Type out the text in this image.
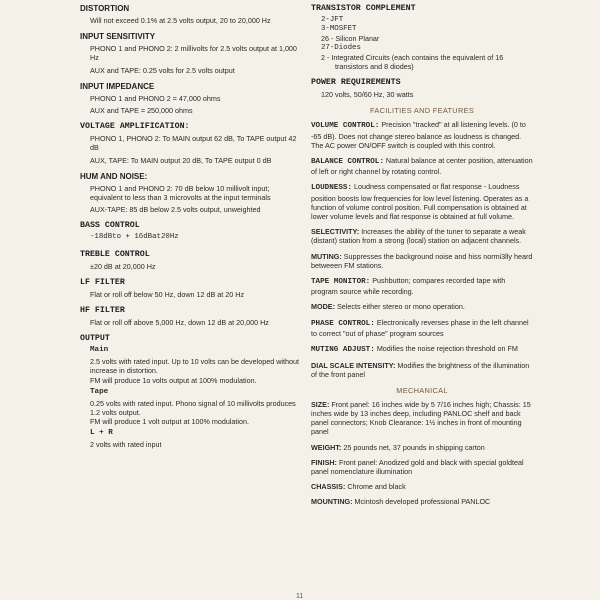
DISTORTION
Will not exceed 0.1% at 2.5 volts output, 20 to 20,000 Hz
INPUT SENSITIVITY
PHONO 1 and PHONO 2: 2 millivolts for 2.5 volts output at 1,000 Hz
AUX and TAPE: 0.25 volts for 2.5 volts output
INPUT IMPEDANCE
PHONO 1 and PHONO 2 = 47,000 ohms
AUX and TAPE = 250,000 ohms
VOLTAGE AMPLIFICATION:
PHONO 1, PHONO 2: To MAIN output 62 dB, To TAPE output 42 dB
AUX, TAPE: To MAIN output 20 dB, To TAPE output 0 dB
HUM AND NOISE:
PHONO 1 and PHONO 2: 70 dB below 10 millivolt input; equivalent to less than 3 microvolts at the input terminals
AUX-TAPE: 85 dB below 2.5 volts output, unweighted
BASS CONTROL
-18dBto + 16dBat20Hz
TREBLE CONTROL
±20 dB at 20,000 Hz
LF FILTER
Flat or roll off below 50 Hz, down 12 dB at 20 Hz
HF FILTER
Flat or roll off above 5,000 Hz, down 12 dB at 20,000 Hz
OUTPUT
Main
2.5 volts with rated input. Up to 10 volts can be developed without increase in distortion.
FM will produce 1o volts output at 100% modulation.
Tape
0.25 volts with rated input. Phono signal of 10 millivolts produces 1.2 volts output.
FM will produce 1 volt output at 100% modulation.
L + R
2 volts with rated input
TRANSISTOR COMPLEMENT
2-JFT
3-MOSFET
26 - Silicon Planar
27-Diodes
2 - Integrated Circuits (each contains the equivalent of 16 transistors and 8 diodes)
POWER REQUIREMENTS
120 volts, 50/60 Hz, 30 watts
FACILITIES AND FEATURES
VOLUME CONTROL: Precision "tracked" at all listening levels. (0 to -65 dB). Does not change stereo balance as loudness is changed. The AC power ON/OFF switch is coupled with this control.
BALANCE CONTROL: Natural balance at center position, attenuation of left or right channel by rotating control.
LOUDNESS: Loudness compensated or flat response - Loudness position boosts low frequencies for low level listening. Operates as a function of volume control position. Full compensation is obtained at lower volume levels and flat response is obtained at full volume.
SELECTIVITY: Increases the ability of the tuner to separate a weak (distant) station from a strong (local) station on adjacent channels.
MUTING: Suppresses the background noise and hiss normi3lly heard betweeen FM stations.
TAPE MONITOR: Pushbutton; compares recorded tape with program source while recording.
MODE: Selects either stereo or mono operation.
PHASE CONTROL: Electronically reverses phase in the left channel to correct "out of phase" program sources
MUTING ADJUST: Modifies the noise rejection threshold on FM
DIAL SCALE INTENSITY: Modifies the brightness of the illumination of the front panel
MECHANICAL
SIZE: Front panel: 16 inches wide by 5 7/16 inches high; Chassis: 15 inches wide by 13 inches deep, including PANLOC shelf and back panel connectors; Knob Clearance: 1½ inches in front of mounting panel
WEIGHT: 25 pounds net, 37 pounds in shipping carton
FINISH: Front panel: Anodized gold and black with special goldteal panel nomenclature illumination
CHASSIS: Chrome and black
MOUNTING: Mcintosh developed professional PANLOC
11
